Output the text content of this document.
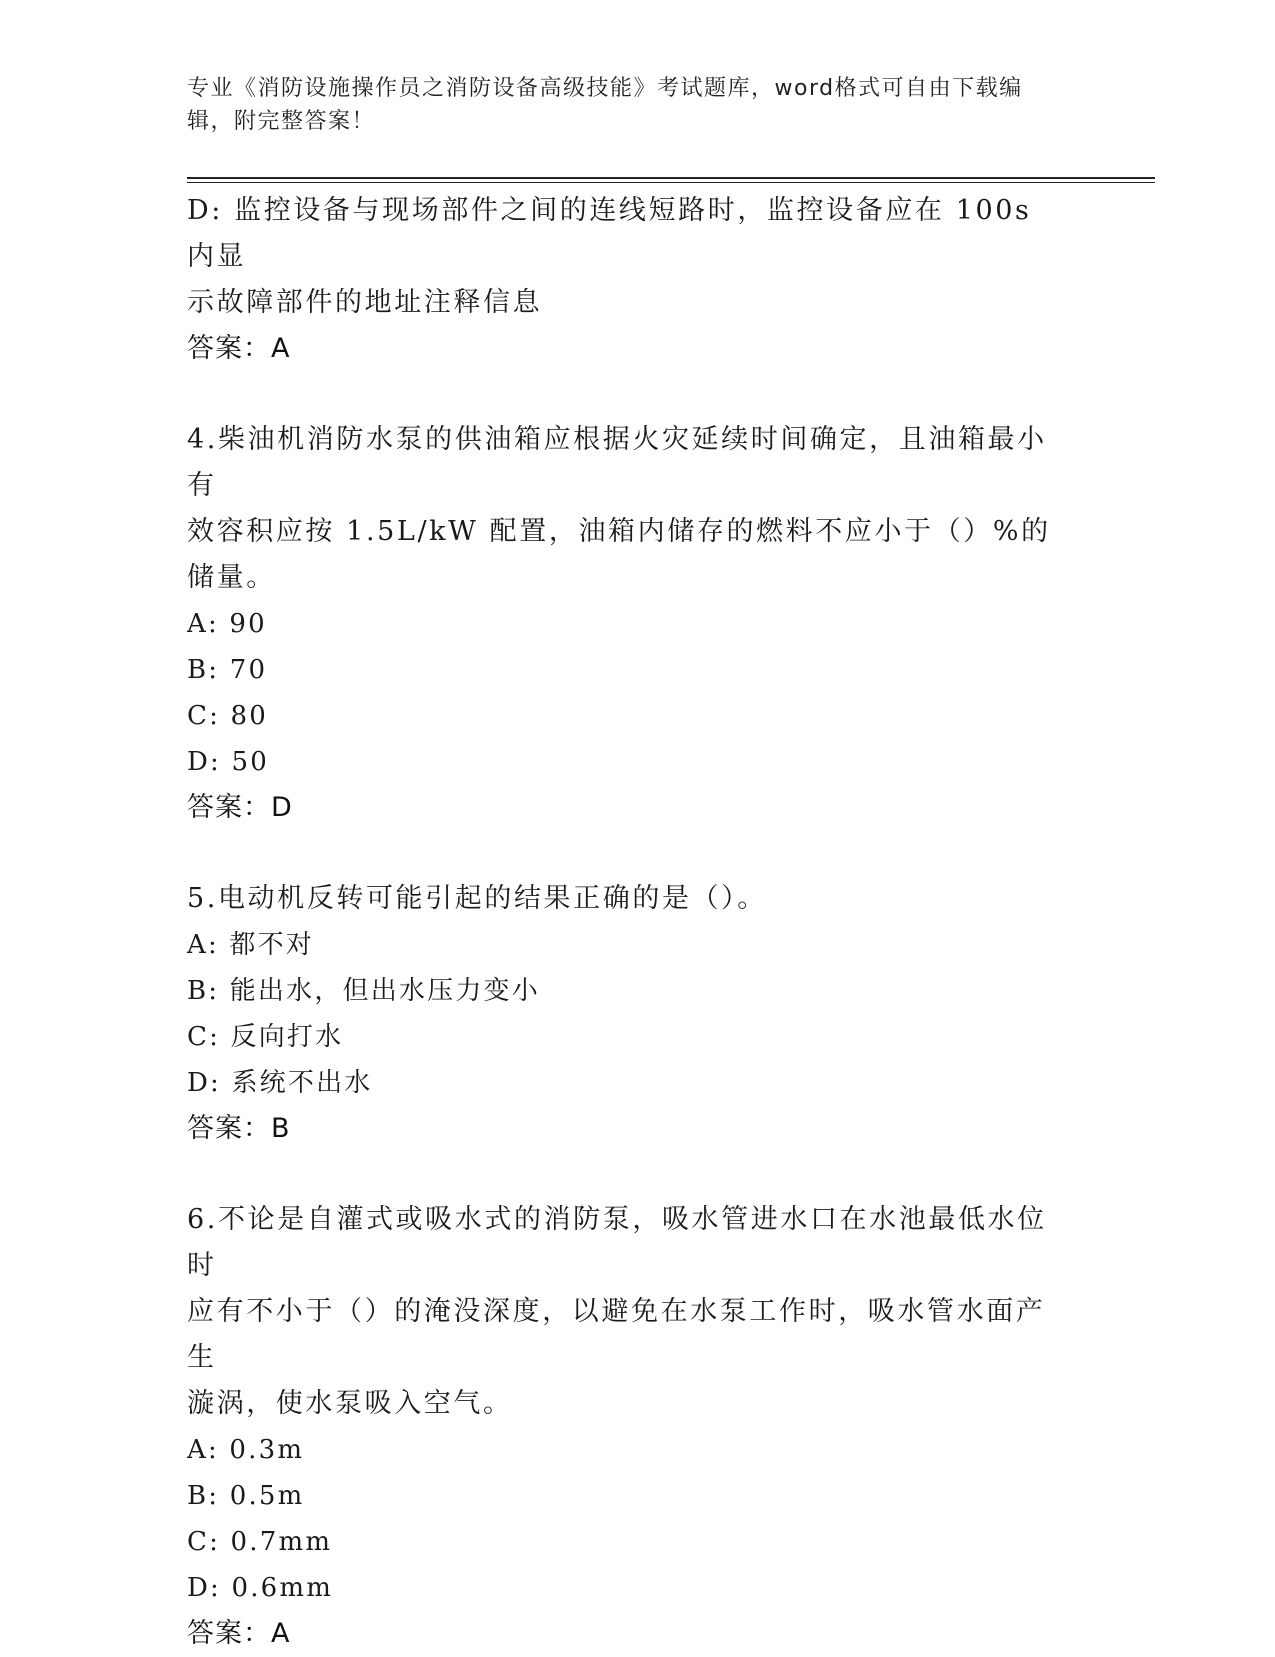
专业《消防设施操作员之消防设备高级技能》考试题库，word格式可自由下载编
辑，附完整答案！
D: 监控设备与现场部件之间的连线短路时，监控设备应在 100s 内显
示故障部件的地址注释信息
答案：A
4.柴油机消防水泵的供油箱应根据火灾延续时间确定，且油箱最小有
效容积应按 1.5L/kW 配置，油箱内储存的燃料不应小于（）%的储量。
A: 90
B: 70
C: 80
D: 50
答案：D
5.电动机反转可能引起的结果正确的是（）。
A: 都不对
B: 能出水，但出水压力变小
C: 反向打水
D: 系统不出水
答案：B
6.不论是自灌式或吸水式的消防泵，吸水管进水口在水池最低水位时
应有不小于（）的淹没深度，以避免在水泵工作时，吸水管水面产生
漩涡，使水泵吸入空气。
A: 0.3m
B: 0.5m
C: 0.7mm
D: 0.6mm
答案：A
